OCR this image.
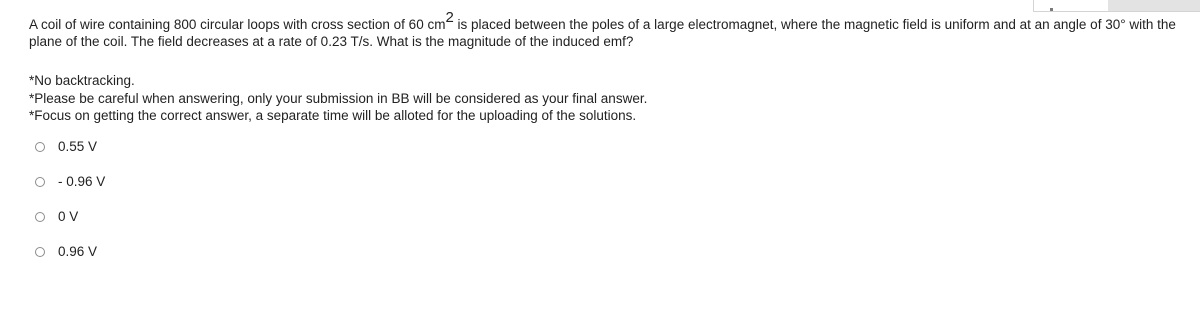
A coil of wire containing 800 circular loops with cross section of 60 $cm^2$ is placed between the poles of a large electromagnet, where the magnetic field is uniform and at an angle of 30° with the plane of the coil. The field decreases at a rate of 0.23 T/s. What is the magnitude of the induced emf?
*No backtracking.
*Please be careful when answering, only your submission in BB will be considered as your final answer.
*Focus on getting the correct answer, a separate time will be alloted for the uploading of the solutions.
0.55 V
- 0.96 V
0 V
0.96 V
